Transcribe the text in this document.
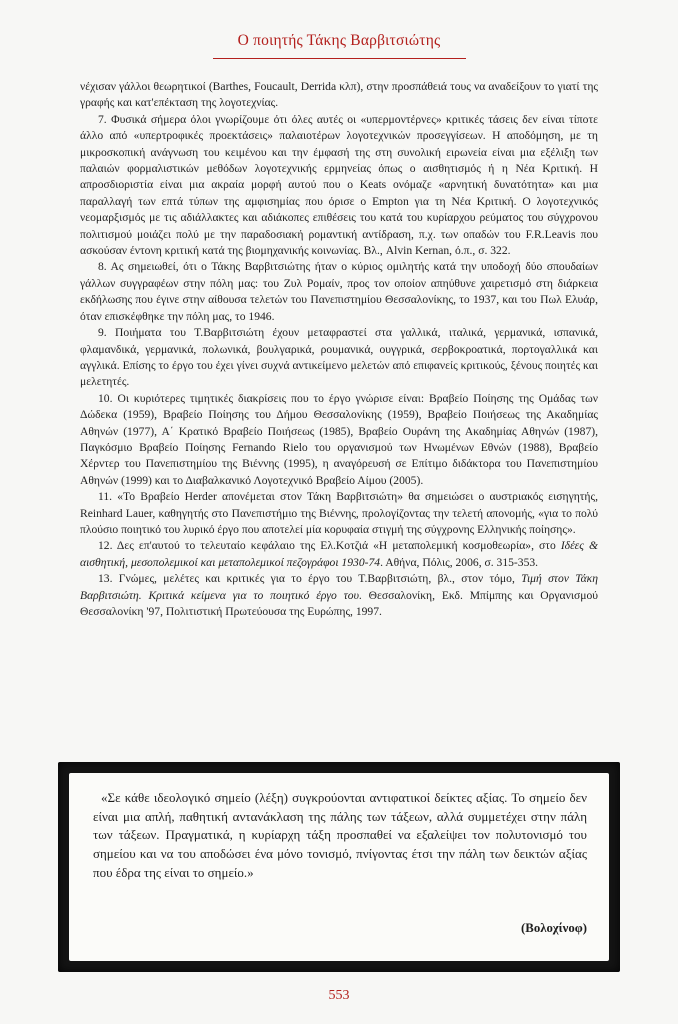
Ο ποιητής Τάκης Βαρβιτσιώτης

νέχισαν γάλλοι θεωρητικοί (Barthes, Foucault, Derrida κλπ), στην προσπάθειά τους να αναδείξουν το γιατί της γραφής και κατ'επέκταση της λογοτεχνίας.

7. Φυσικά σήμερα όλοι γνωρίζουμε ότι όλες αυτές οι «υπερμοντέρνες» κριτικές τάσεις δεν είναι τίποτε άλλο από «υπερτροφικές προεκτάσεις» παλαιοτέρων λογοτεχνικών προσεγγίσεων. Η αποδόμηση, με τη μικροσκοπική ανάγνωση του κειμένου και την έμφασή της στη συνολική ειρωνεία είναι μια εξέλιξη των παλαιών φορμαλιστικών μεθόδων λογοτεχνικής ερμηνείας όπως ο αισθητισμός ή η Νέα Κριτική. Η απροσδιοριστία είναι μια ακραία μορφή αυτού που ο Keats ονόμαζε «αρνητική δυνατότητα» και μια παραλλαγή των επτά τύπων της αμφισημίας που όρισε ο Empton για τη Νέα Κριτική. Ο λογοτεχνικός νεομαρξισμός με τις αδιάλλακτες και αδιάκοπες επιθέσεις του κατά του κυρίαρχου ρεύματος του σύγχρονου πολιτισμού μοιάζει πολύ με την παραδοσιακή ρομαντική αντίδραση, π.χ. των οπαδών του F.R.Leavis που ασκούσαν έντονη κριτική κατά της βιομηχανικής κοινωνίας. Βλ., Alvin Kernan, ό.π., σ. 322.

8. Ας σημειωθεί, ότι ο Τάκης Βαρβιτσιώτης ήταν ο κύριος ομιλητής κατά την υποδοχή δύο σπουδαίων γάλλων συγγραφέων στην πόλη μας: του Ζυλ Ρομαίν, προς τον οποίον απηύθυνε χαιρετισμό στη διάρκεια εκδήλωσης που έγινε στην αίθουσα τελετών του Πανεπιστημίου Θεσσαλονίκης, το 1937, και του Πωλ Ελυάρ, όταν επισκέφθηκε την πόλη μας, το 1946.

9. Ποιήματα του Τ.Βαρβιτσιώτη έχουν μεταφραστεί στα γαλλικά, ιταλικά, γερμανικά, ισπανικά, φλαμανδικά, γερμανικά, πολωνικά, βουλγαρικά, ρουμανικά, ουγγρικά, σερβοκροατικά, πορτογαλλικά και αγγλικά. Επίσης το έργο του έχει γίνει συχνά αντικείμενο μελετών από επιφανείς κριτικούς, ξένους ποιητές και μελετητές.

10. Οι κυριότερες τιμητικές διακρίσεις που το έργο γνώρισε είναι: Βραβείο Ποίησης της Ομάδας των Δώδεκα (1959), Βραβείο Ποίησης του Δήμου Θεσσαλονίκης (1959), Βραβείο Ποιήσεως της Ακαδημίας Αθηνών (1977), Α΄ Κρατικό Βραβείο Ποιήσεως (1985), Βραβείο Ουράνη της Ακαδημίας Αθηνών (1987), Παγκόσμιο Βραβείο Ποίησης Fernando Rielo του οργανισμού των Ηνωμένων Εθνών (1988), Βραβείο Χέρντερ του Πανεπιστημίου της Βιέννης (1995), η αναγόρευσή σε Επίτιμο διδάκτορα του Πανεπιστημίου Αθηνών (1999) και το Διαβαλκανικό Λογοτεχνικό Βραβείο Αίμου (2005).

11. «Το Βραβείο Herder απονέμεται στον Τάκη Βαρβιτσιώτη» θα σημειώσει ο αυστριακός εισηγητής, Reinhard Lauer, καθηγητής στο Πανεπιστήμιο της Βιέννης, προλογίζοντας την τελετή απονομής, «για το πολύ πλούσιο ποιητικό του λυρικό έργο που αποτελεί μία κορυφαία στιγμή της σύγχρονης Ελληνικής ποίησης».

12. Δες επ'αυτού το τελευταίο κεφάλαιο της Ελ.Κοτζιά «Η μεταπολεμική κοσμοθεωρία», στο Ιδέες & αισθητική, μεσοπολεμικοί και μεταπολεμικοί πεζογράφοι 1930-74. Αθήνα, Πόλις, 2006, σ. 315-353.

13. Γνώμες, μελέτες και κριτικές για το έργο του Τ.Βαρβιτσιώτη, βλ., στον τόμο, Τιμή στον Τάκη Βαρβιτσιώτη. Κριτικά κείμενα για το ποιητικό έργο του. Θεσσαλονίκη, Εκδ. Μπίμπης και Οργανισμού Θεσσαλονίκη '97, Πολιτιστική Πρωτεύουσα της Ευρώπης, 1997.

«Σε κάθε ιδεολογικό σημείο (λέξη) συγκρούονται αντιφατικοί δείκτες αξίας. Το σημείο δεν είναι μια απλή, παθητική αντανάκλαση της πάλης των τάξεων, αλλά συμμετέχει στην πάλη των τάξεων. Πραγματικά, η κυρίαρχη τάξη προσπαθεί να εξαλείψει τον πολυτονισμό του σημείου και να του αποδώσει ένα μόνο τονισμό, πνίγοντας έτσι την πάλη των δεικτών αξίας που έδρα της είναι το σημείο.»

(Βολοχίνοφ)

553
